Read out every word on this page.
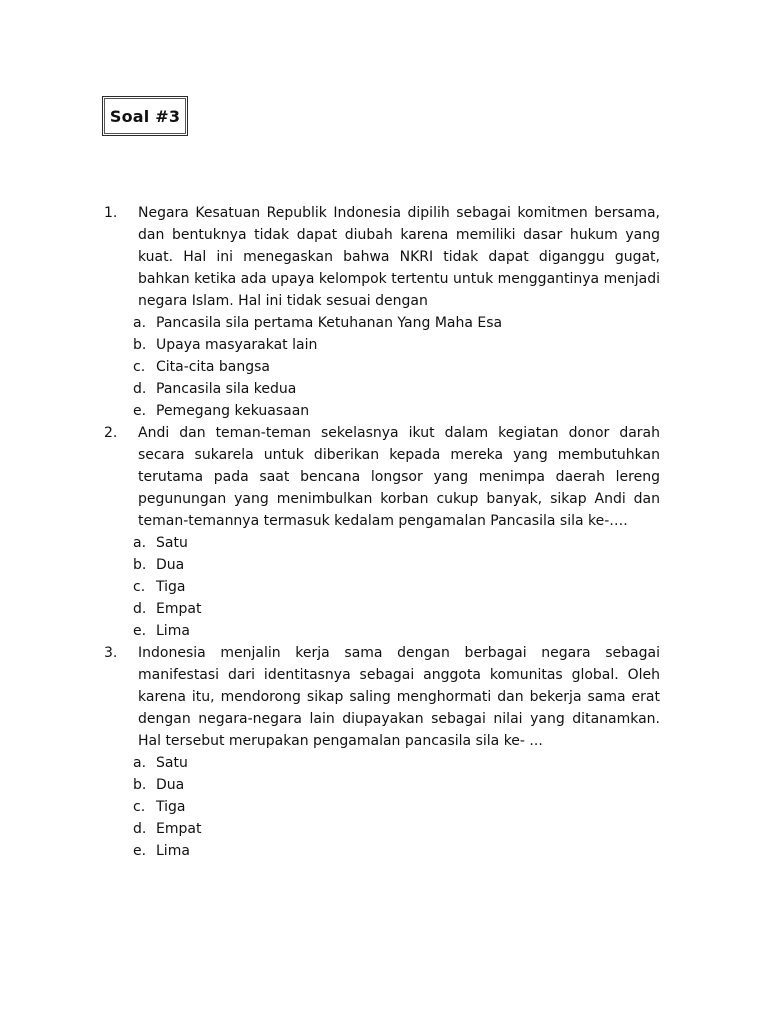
Soal #3
1. Negara Kesatuan Republik Indonesia dipilih sebagai komitmen bersama, dan bentuknya tidak dapat diubah karena memiliki dasar hukum yang kuat. Hal ini menegaskan bahwa NKRI tidak dapat diganggu gugat, bahkan ketika ada upaya kelompok tertentu untuk menggantinya menjadi negara Islam. Hal ini tidak sesuai dengan
a. Pancasila sila pertama Ketuhanan Yang Maha Esa
b. Upaya masyarakat lain
c. Cita-cita bangsa
d. Pancasila sila kedua
e. Pemegang kekuasaan
2. Andi dan teman-teman sekelasnya ikut dalam kegiatan donor darah secara sukarela untuk diberikan kepada mereka yang membutuhkan terutama pada saat bencana longsor yang menimpa daerah lereng pegunungan yang menimbulkan korban cukup banyak, sikap Andi dan teman-temannya termasuk kedalam pengamalan Pancasila sila ke-….
a. Satu
b. Dua
c. Tiga
d. Empat
e. Lima
3. Indonesia menjalin kerja sama dengan berbagai negara sebagai manifestasi dari identitasnya sebagai anggota komunitas global. Oleh karena itu, mendorong sikap saling menghormati dan bekerja sama erat dengan negara-negara lain diupayakan sebagai nilai yang ditanamkan. Hal tersebut merupakan pengamalan pancasila sila ke- ...
a. Satu
b. Dua
c. Tiga
d. Empat
e. Lima
